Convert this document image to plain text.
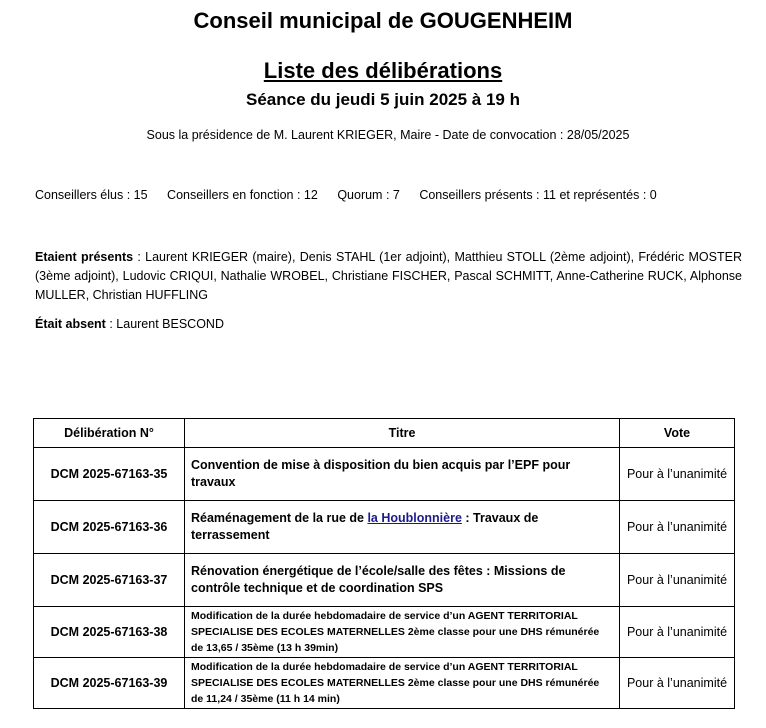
Conseil municipal de GOUGENHEIM
Liste des délibérations
Séance du jeudi 5 juin 2025 à 19 h
Sous la présidence de M. Laurent KRIEGER, Maire - Date de convocation : 28/05/2025
Conseillers élus : 15 Conseillers en fonction : 12 Quorum : 7 Conseillers présents : 11 et représentés : 0
Etaient présents : Laurent KRIEGER (maire), Denis STAHL (1er adjoint), Matthieu STOLL (2ème adjoint), Frédéric MOSTER (3ème adjoint), Ludovic CRIQUI, Nathalie WROBEL, Christiane FISCHER, Pascal SCHMITT, Anne-Catherine RUCK, Alphonse MULLER, Christian HUFFLING
Était absent : Laurent BESCOND
Délibération N°	Titre	Vote
DCM 2025-67163-35	Convention de mise à disposition du bien acquis par l’EPF pour travaux	Pour à l’unanimité
DCM 2025-67163-36	Réaménagement de la rue de la Houblonnière : Travaux de terrassement	Pour à l’unanimité
DCM 2025-67163-37	Rénovation énergétique de l’école/salle des fêtes : Missions de contrôle technique et de coordination SPS	Pour à l’unanimité
DCM 2025-67163-38	Modification de la durée hebdomadaire de service d’un AGENT TERRITORIAL SPECIALISE DES ECOLES MATERNELLES 2ème classe pour une DHS rémunérée de 13,65 / 35ème (13 h 39min)	Pour à l’unanimité
DCM 2025-67163-39	Modification de la durée hebdomadaire de service d’un AGENT TERRITORIAL SPECIALISE DES ECOLES MATERNELLES 2ème classe pour une DHS rémunérée de 11,24 / 35ème (11 h 14 min)	Pour à l’unanimité
